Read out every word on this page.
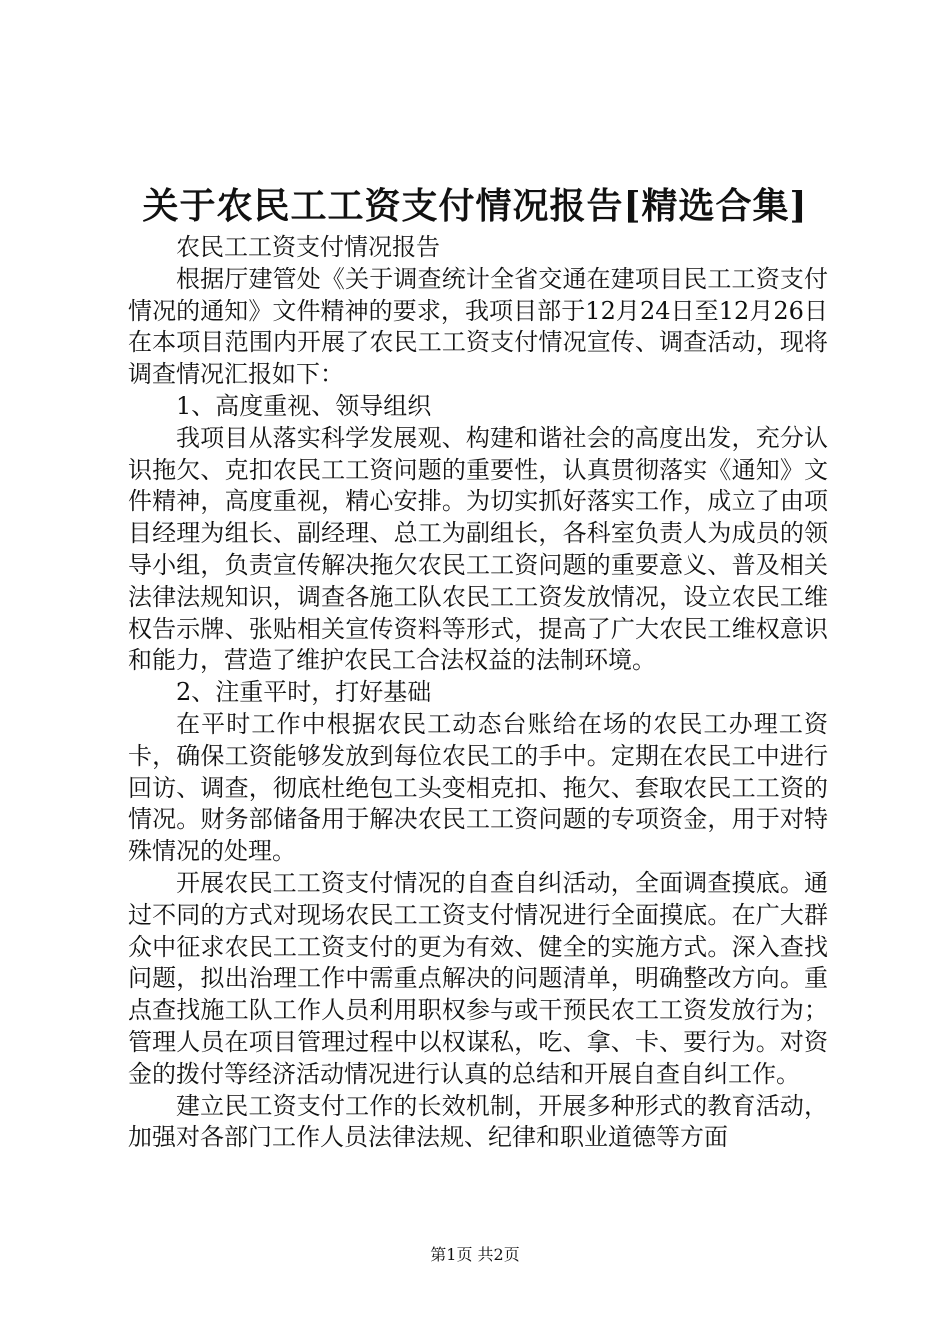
关于农民工工资支付情况报告[精选合集]

农民工工资支付情况报告

根据厅建管处《关于调查统计全省交通在建项目民工工资支付情况的通知》文件精神的要求，我项目部于12月24日至12月26日在本项目范围内开展了农民工工资支付情况宣传、调查活动，现将调查情况汇报如下：

1、高度重视、领导组织

我项目从落实科学发展观、构建和谐社会的高度出发，充分认识拖欠、克扣农民工工资问题的重要性，认真贯彻落实《通知》文件精神，高度重视，精心安排。为切实抓好落实工作，成立了由项目经理为组长、副经理、总工为副组长，各科室负责人为成员的领导小组，负责宣传解决拖欠农民工工资问题的重要意义、普及相关法律法规知识，调查各施工队农民工工资发放情况，设立农民工维权告示牌、张贴相关宣传资料等形式，提高了广大农民工维权意识和能力，营造了维护农民工合法权益的法制环境。

2、注重平时，打好基础

在平时工作中根据农民工动态台账给在场的农民工办理工资卡，确保工资能够发放到每位农民工的手中。定期在农民工中进行回访、调查，彻底杜绝包工头变相克扣、拖欠、套取农民工工资的情况。财务部储备用于解决农民工工资问题的专项资金，用于对特殊情况的处理。

开展农民工工资支付情况的自查自纠活动，全面调查摸底。通过不同的方式对现场农民工工资支付情况进行全面摸底。在广大群众中征求农民工工资支付的更为有效、健全的实施方式。深入查找问题，拟出治理工作中需重点解决的问题清单，明确整改方向。重点查找施工队工作人员利用职权参与或干预民农工工资发放行为；管理人员在项目管理过程中以权谋私，吃、拿、卡、要行为。对资金的拨付等经济活动情况进行认真的总结和开展自查自纠工作。

建立民工资支付工作的长效机制，开展多种形式的教育活动，加强对各部门工作人员法律法规、纪律和职业道德等方面

第1页 共2页
